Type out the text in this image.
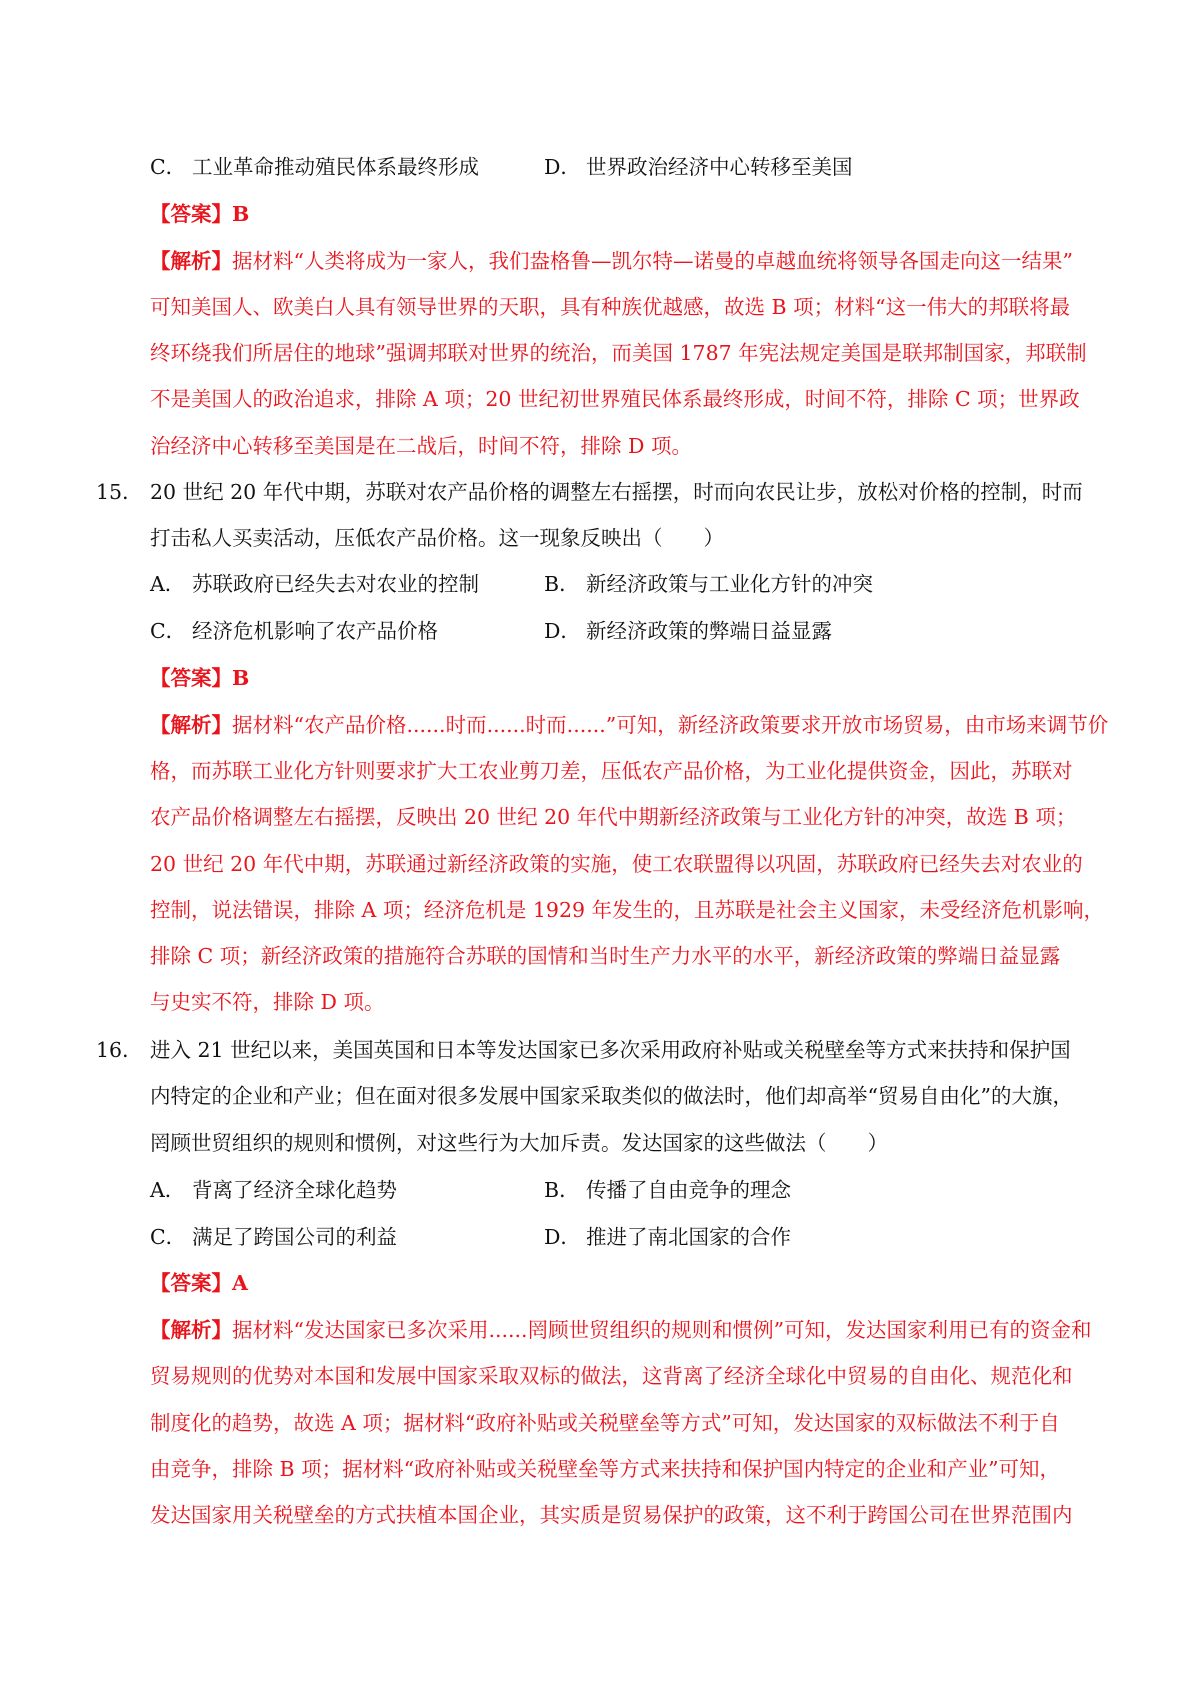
C． 工业革命推动殖民体系最终形成	D． 世界政治经济中心转移至美国
【答案】B
【解析】据材料“人类将成为一家人，我们盎格鲁—凯尔特—诺曼的卓越血统将领导各国走向这一结果”
可知美国人、欧美白人具有领导世界的天职，具有种族优越感，故选 B 项；材料“这一伟大的邦联将最
终环绕我们所居住的地球”强调邦联对世界的统治，而美国 1787 年宪法规定美国是联邦制国家，邦联制
不是美国人的政治追求，排除 A 项；20 世纪初世界殖民体系最终形成，时间不符，排除 C 项；世界政
治经济中心转移至美国是在二战后，时间不符，排除 D 项。
15． 20 世纪 20 年代中期，苏联对农产品价格的调整左右摇摆，时而向农民让步，放松对价格的控制，时而
打击私人买卖活动，压低农产品价格。这一现象反映出（　　）
A． 苏联政府已经失去对农业的控制	B． 新经济政策与工业化方针的冲突
C． 经济危机影响了农产品价格	D． 新经济政策的弊端日益显露
【答案】B
【解析】据材料“农产品价格......时而......时而......”可知，新经济政策要求开放市场贸易，由市场来调节价
格，而苏联工业化方针则要求扩大工农业剪刀差，压低农产品价格，为工业化提供资金，因此，苏联对
农产品价格调整左右摇摆，反映出 20 世纪 20 年代中期新经济政策与工业化方针的冲突，故选 B 项；
20 世纪 20 年代中期，苏联通过新经济政策的实施，使工农联盟得以巩固，苏联政府已经失去对农业的
控制，说法错误，排除 A 项；经济危机是 1929 年发生的，且苏联是社会主义国家，未受经济危机影响，
排除 C 项；新经济政策的措施符合苏联的国情和当时生产力水平的水平，新经济政策的弊端日益显露
与史实不符，排除 D 项。
16． 进入 21 世纪以来，美国英国和日本等发达国家已多次采用政府补贴或关税壁垒等方式来扶持和保护国
内特定的企业和产业；但在面对很多发展中国家采取类似的做法时，他们却高举“贸易自由化”的大旗，
罔顾世贸组织的规则和惯例，对这些行为大加斥责。发达国家的这些做法（　　）
A． 背离了经济全球化趋势	B． 传播了自由竞争的理念
C． 满足了跨国公司的利益	D． 推进了南北国家的合作
【答案】A
【解析】据材料“发达国家已多次采用......罔顾世贸组织的规则和惯例”可知，发达国家利用已有的资金和
贸易规则的优势对本国和发展中国家采取双标的做法，这背离了经济全球化中贸易的自由化、规范化和
制度化的趋势，故选 A 项；据材料“政府补贴或关税壁垒等方式”可知，发达国家的双标做法不利于自
由竞争，排除 B 项；据材料“政府补贴或关税壁垒等方式来扶持和保护国内特定的企业和产业”可知，
发达国家用关税壁垒的方式扶植本国企业，其实质是贸易保护的政策，这不利于跨国公司在世界范围内
